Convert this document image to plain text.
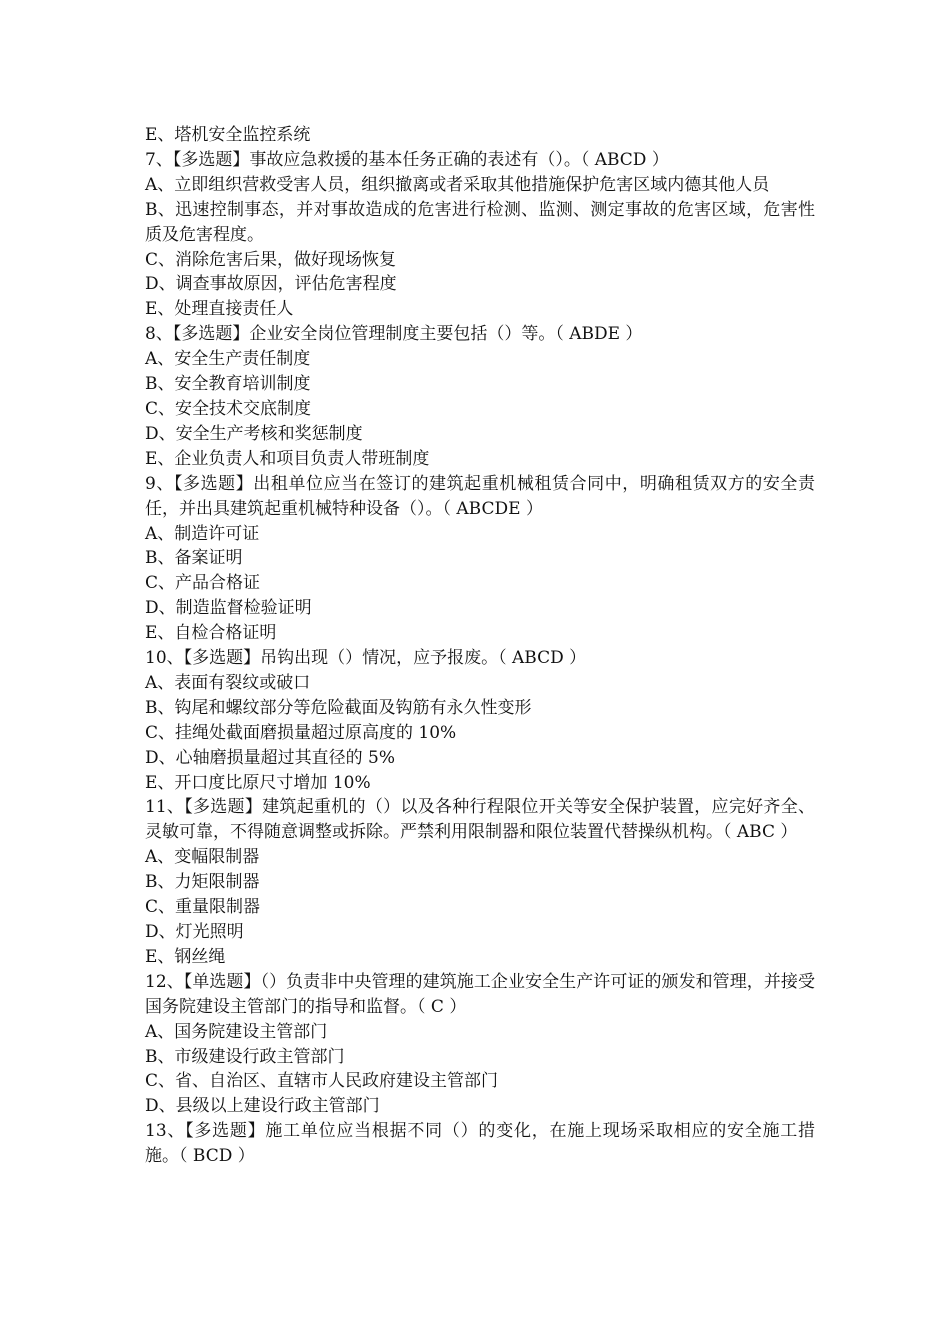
E、塔机安全监控系统

7、【多选题】事故应急救援的基本任务正确的表述有（）。（ ABCD ）

A、立即组织营救受害人员，组织撤离或者采取其他措施保护危害区域内德其他人员

B、迅速控制事态，并对事故造成的危害进行检测、监测、测定事故的危害区域，危害性质及危害程度。

C、消除危害后果，做好现场恢复

D、调查事故原因，评估危害程度

E、处理直接责任人

8、【多选题】企业安全岗位管理制度主要包括（）等。（ ABDE ）

A、安全生产责任制度

B、安全教育培训制度

C、安全技术交底制度

D、安全生产考核和奖惩制度

E、企业负责人和项目负责人带班制度

9、【多选题】出租单位应当在签订的建筑起重机械租赁合同中，明确租赁双方的安全责任，并出具建筑起重机械特种设备（）。（ ABCDE ）

A、制造许可证

B、备案证明

C、产品合格证

D、制造监督检验证明

E、自检合格证明

10、【多选题】吊钩出现（）情况，应予报废。（ ABCD ）

A、表面有裂纹或破口

B、钩尾和螺纹部分等危险截面及钩筋有永久性变形

C、挂绳处截面磨损量超过原高度的 10%

D、心轴磨损量超过其直径的 5%

E、开口度比原尺寸增加 10%

11、【多选题】建筑起重机的（）以及各种行程限位开关等安全保护装置，应完好齐全、灵敏可靠，不得随意调整或拆除。严禁利用限制器和限位装置代替操纵机构。（ ABC ）

A、变幅限制器

B、力矩限制器

C、重量限制器

D、灯光照明

E、钢丝绳

12、【单选题】（）负责非中央管理的建筑施工企业安全生产许可证的颁发和管理，并接受国务院建设主管部门的指导和监督。（ C ）

A、国务院建设主管部门

B、市级建设行政主管部门

C、省、自治区、直辖市人民政府建设主管部门

D、县级以上建设行政主管部门

13、【多选题】施工单位应当根据不同（）的变化，在施上现场采取相应的安全施工措施。（ BCD ）
